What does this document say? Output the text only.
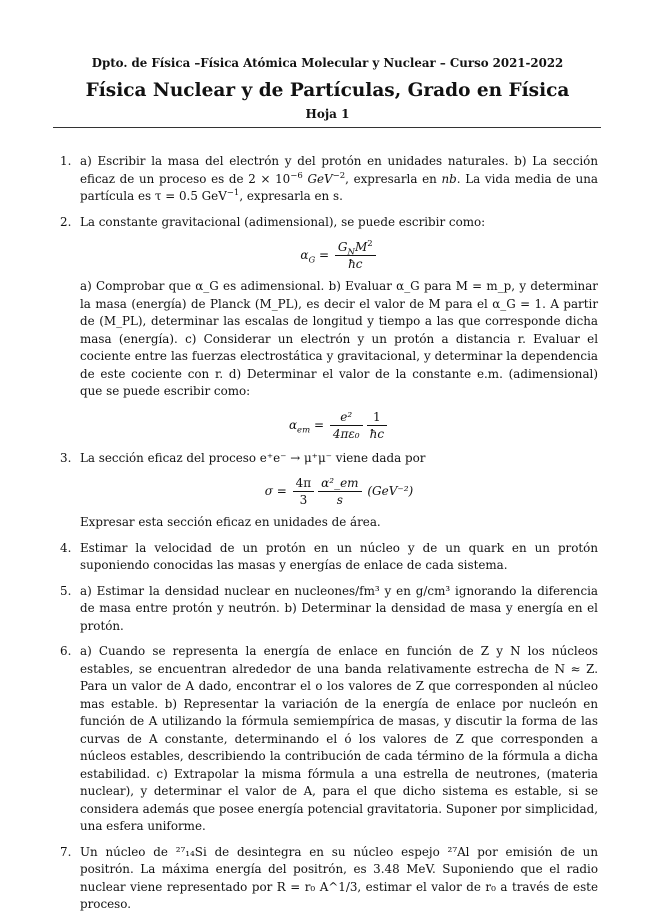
Dpto. de Física –Física Atómica Molecular y Nuclear – Curso 2021-2022
Física Nuclear y de Partículas, Grado en Física
Hoja 1
1. a) Escribir la masa del electrón y del protón en unidades naturales. b) La sección eficaz de un proceso es de $2 \times 10^{-6}$ GeV$^{-2}$, expresarla en nb. La vida media de una partícula es τ = 0.5 GeV$^{-1}$, expresarla en s.
2. La constante gravitacional (adimensional), se puede escribir como:
$\alpha_G = \frac{G_NM^2}{ħc}$
a) Comprobar que α_G es adimensional. b) Evaluar α_G para M = m_p, y determinar la masa (energía) de Planck (M_PL), es decir el valor de M para el α_G = 1. A partir de (M_PL), determinar las escalas de longitud y tiempo a las que corresponde dicha masa (energía). c) Considerar un electrón y un protón a distancia r. Evaluar el cociente entre las fuerzas electrostática y gravitacional, y determinar la dependencia de este cociente con r. d) Determinar el valor de la constante e.m. (adimensional) que se puede escribir como:
$\alpha_{em} = \frac{\text{e²}}{\text{4πε₀}} \frac{1}{ħc}$
3. La sección eficaz del proceso e⁺e⁻ → μ⁺μ⁻ viene dada por
$\sigma = \frac{4\pi}{3} \frac{\text{α²\_em}}{s} (GeV^{-2})$
Expresar esta sección eficaz en unidades de área.
4. Estimar la velocidad de un protón en un núcleo y de un quark en un protón suponiendo conocidas las masas y energías de enlace de cada sistema.
5. a) Estimar la densidad nuclear en nucleones/fm³ y en g/cm³ ignorando la diferencia de masa entre protón y neutrón. b) Determinar la densidad de masa y energía en el protón.
6. a) Cuando se representa la energía de enlace en función de Z y N los núcleos estables, se encuentran alrededor de una banda relativamente estrecha de N ≈ Z. Para un valor de A dado, encontrar el o los valores de Z que corresponden al núcleo mas estable. b) Representar la variación de la energía de enlace por nucleón en función de A utilizando la fórmula semiempírica de masas, y discutir la forma de las curvas de A constante, determinando el ó los valores de Z que corresponden a núcleos estables, describiendo la contribución de cada término de la fórmula a dicha estabilidad. c) Extrapolar la misma fórmula a una estrella de neutrones, (materia nuclear), y determinar el valor de A, para el que dicho sistema es estable, si se considera además que posee energía potencial gravitatoria. Suponer por simplicidad, una esfera uniforme.
7. Un núcleo de ²⁷₁₄Si de desintegra en su núcleo espejo ²⁷Al por emisión de un positrón. La máxima energía del positrón, es 3.48 MeV. Suponiendo que el radio nuclear viene representado por R = r₀ A^1/3, estimar el valor de r₀ a través de este proceso.
